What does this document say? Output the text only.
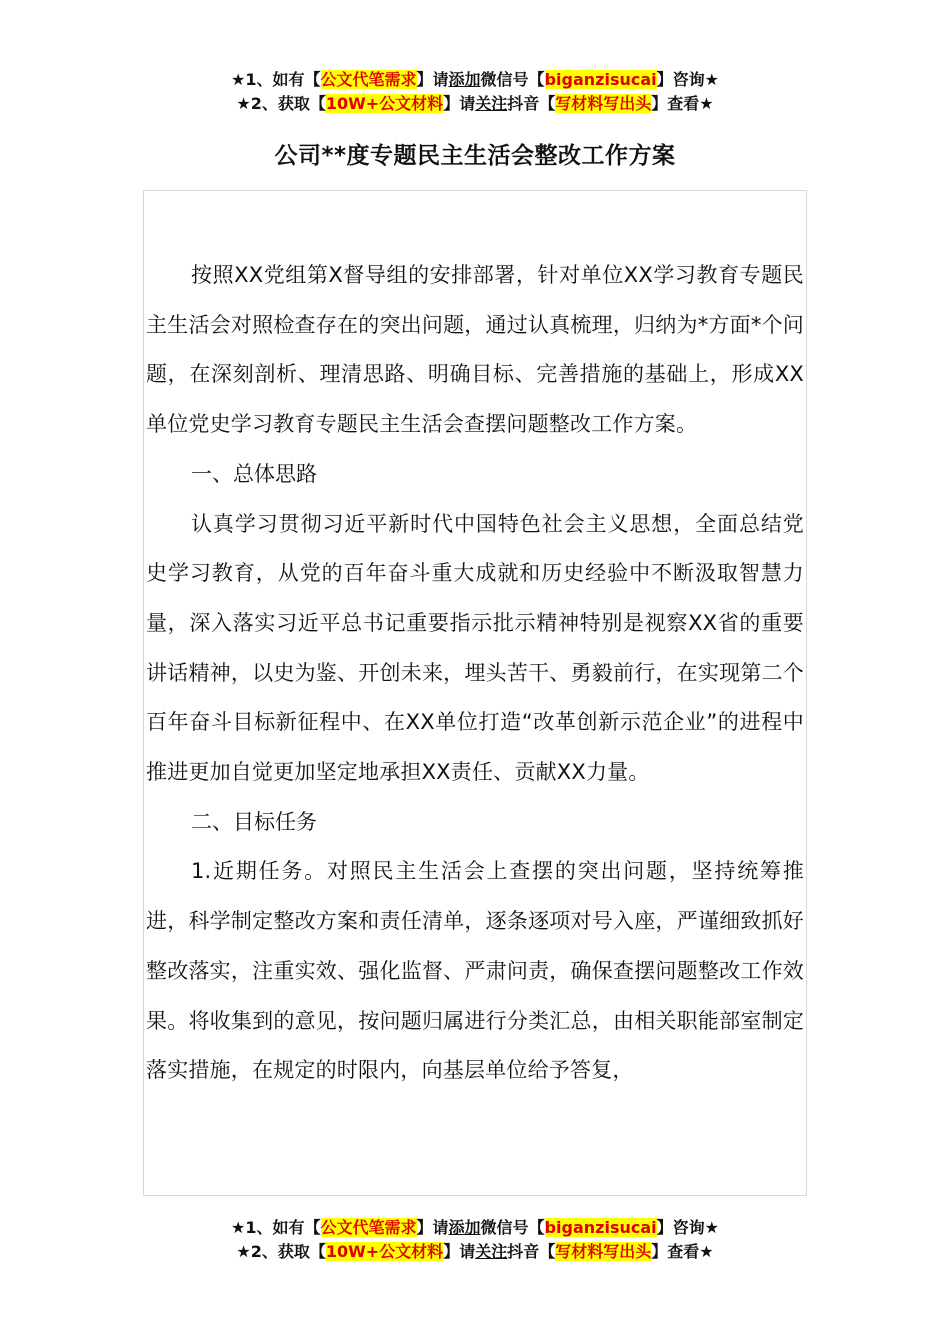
★1、如有【公文代笔需求】请添加微信号【biganzisucai】咨询★
★2、获取【10W+公文材料】请关注抖音【写材料写出头】查看★
公司**度专题民主生活会整改工作方案

按照XX党组第X督导组的安排部署，针对单位XX学习教育专题民主生活会对照检查存在的突出问题，通过认真梳理，归纳为*方面*个问题，在深刻剖析、理清思路、明确目标、完善措施的基础上，形成XX单位党史学习教育专题民主生活会查摆问题整改工作方案。

一、总体思路

认真学习贯彻习近平新时代中国特色社会主义思想，全面总结党史学习教育，从党的百年奋斗重大成就和历史经验中不断汲取智慧力量，深入落实习近平总书记重要指示批示精神特别是视察XX省的重要讲话精神，以史为鉴、开创未来，埋头苦干、勇毅前行，在实现第二个百年奋斗目标新征程中、在XX单位打造“改革创新示范企业”的进程中推进更加自觉更加坚定地承担XX责任、贡献XX力量。

二、目标任务

1.近期任务。对照民主生活会上查摆的突出问题，坚持统筹推进，科学制定整改方案和责任清单，逐条逐项对号入座，严谨细致抓好整改落实，注重实效、强化监督、严肃问责，确保查摆问题整改工作效果。将收集到的意见，按问题归属进行分类汇总，由相关职能部室制定落实措施，在规定的时限内，向基层单位给予答复，

★1、如有【公文代笔需求】请添加微信号【biganzisucai】咨询★
★2、获取【10W+公文材料】请关注抖音【写材料写出头】查看★
